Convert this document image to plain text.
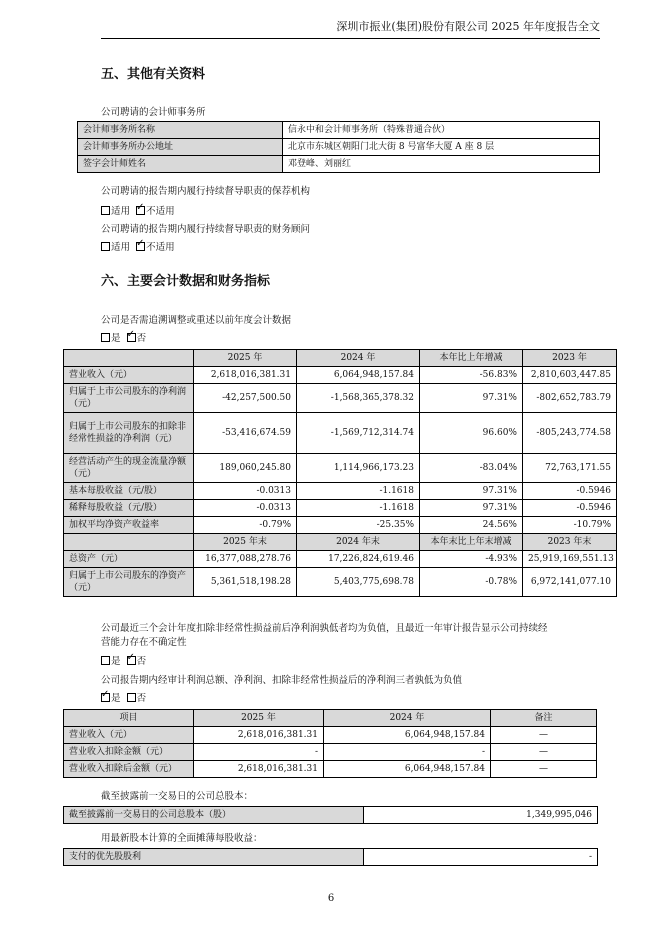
深圳市振业(集团)股份有限公司 2025 年年度报告全文
五、其他有关资料
公司聘请的会计师事务所
会计师事务所名称	信永中和会计师事务所（特殊普通合伙）
会计师事务所办公地址	北京市东城区朝阳门北大街 8 号富华大厦 A 座 8 层
签字会计师姓名	邓登峰、刘丽红
公司聘请的报告期内履行持续督导职责的保荐机构
适用 ✓ 不适用
公司聘请的报告期内履行持续督导职责的财务顾问
适用 ✓ 不适用
六、主要会计数据和财务指标
公司是否需追溯调整或重述以前年度会计数据
是 ✓ 否
	2025 年	2024 年	本年比上年增减	2023 年
营业收入（元）	2,618,016,381.31	6,064,948,157.84	-56.83%	2,810,603,447.85
归属于上市公司股东的净利润（元）	-42,257,500.50	-1,568,365,378.32	97.31%	-802,652,783.79
归属于上市公司股东的扣除非经常性损益的净利润（元）	-53,416,674.59	-1,569,712,314.74	96.60%	-805,243,774.58
经营活动产生的现金流量净额（元）	189,060,245.80	1,114,966,173.23	-83.04%	72,763,171.55
基本每股收益（元/股）	-0.0313	-1.1618	97.31%	-0.5946
稀释每股收益（元/股）	-0.0313	-1.1618	97.31%	-0.5946
加权平均净资产收益率	-0.79%	-25.35%	24.56%	-10.79%
	2025 年末	2024 年末	本年末比上年末增减	2023 年末
总资产（元）	16,377,088,278.76	17,226,824,619.46	-4.93%	25,919,169,551.13
归属于上市公司股东的净资产（元）	5,361,518,198.28	5,403,775,698.78	-0.78%	6,972,141,077.10
公司最近三个会计年度扣除非经常性损益前后净利润孰低者均为负值，且最近一年审计报告显示公司持续经
营能力存在不确定性
是 ✓ 否
公司报告期内经审计利润总额、净利润、扣除非经常性损益后的净利润三者孰低为负值
✓是 否
项目	2025 年	2024 年	备注
营业收入（元）	2,618,016,381.31	6,064,948,157.84	—
营业收入扣除金额（元）	-	-	—
营业收入扣除后金额（元）	2,618,016,381.31	6,064,948,157.84	—
截至披露前一交易日的公司总股本：
截至披露前一交易日的公司总股本（股）	1,349,995,046
用最新股本计算的全面摊薄每股收益：
支付的优先股股利	-
6
